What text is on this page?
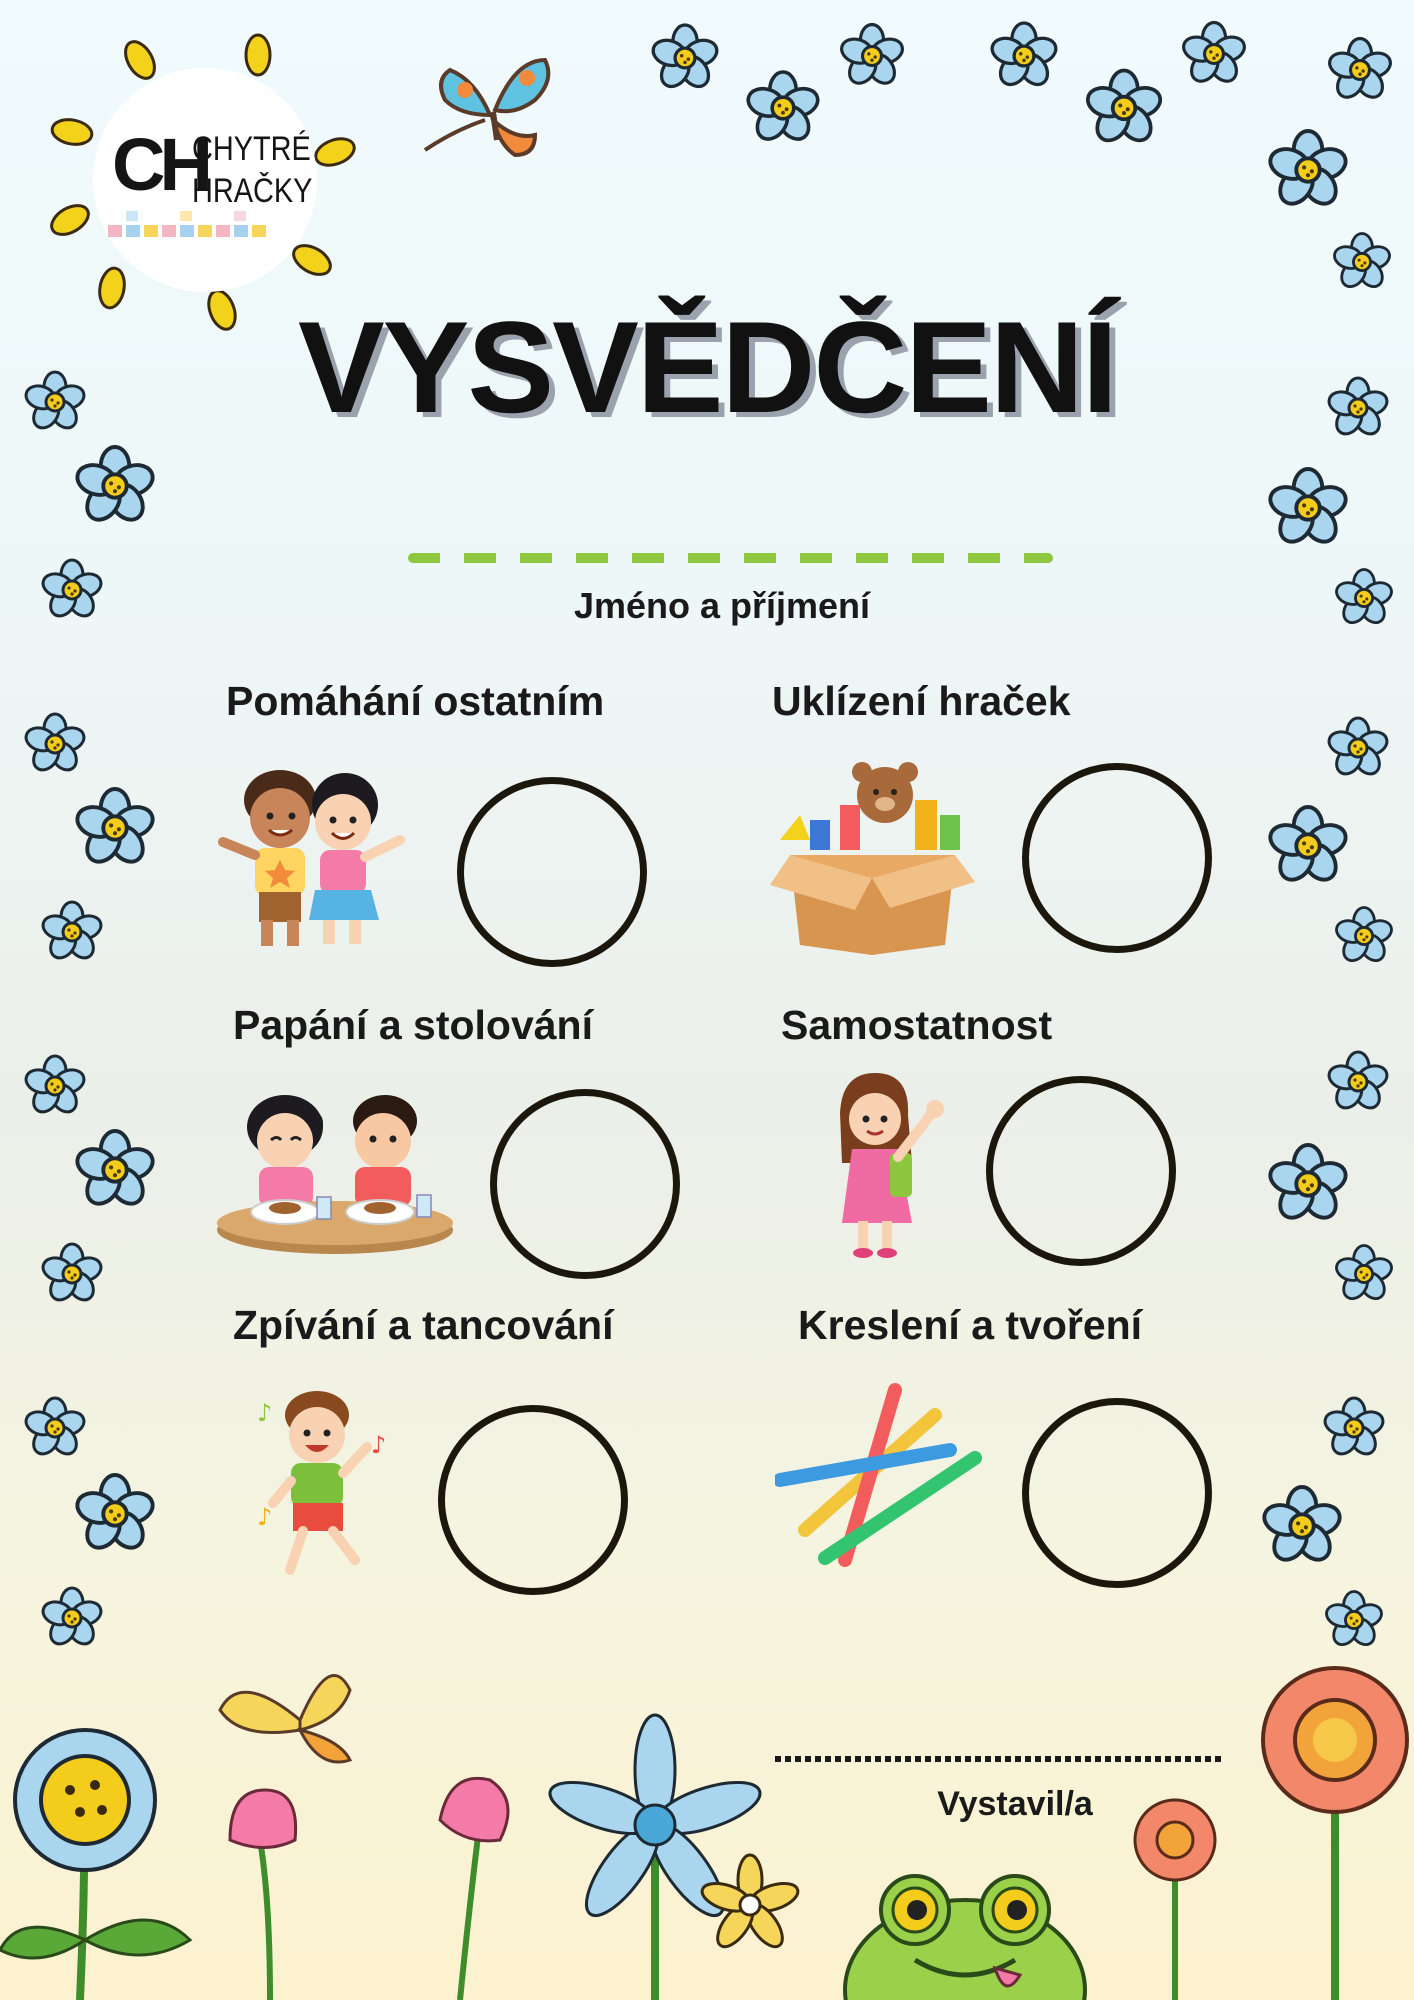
CH
CHYTRÉ
HRAČKY
VYSVĚDČENÍ
Jméno a příjmení
Pomáhání ostatním	Uklízení hraček
Papání a stolování	Samostatnost
Zpívání a tancování
♪
♪
♪
Kreslení a tvoření
Vystavil/a
